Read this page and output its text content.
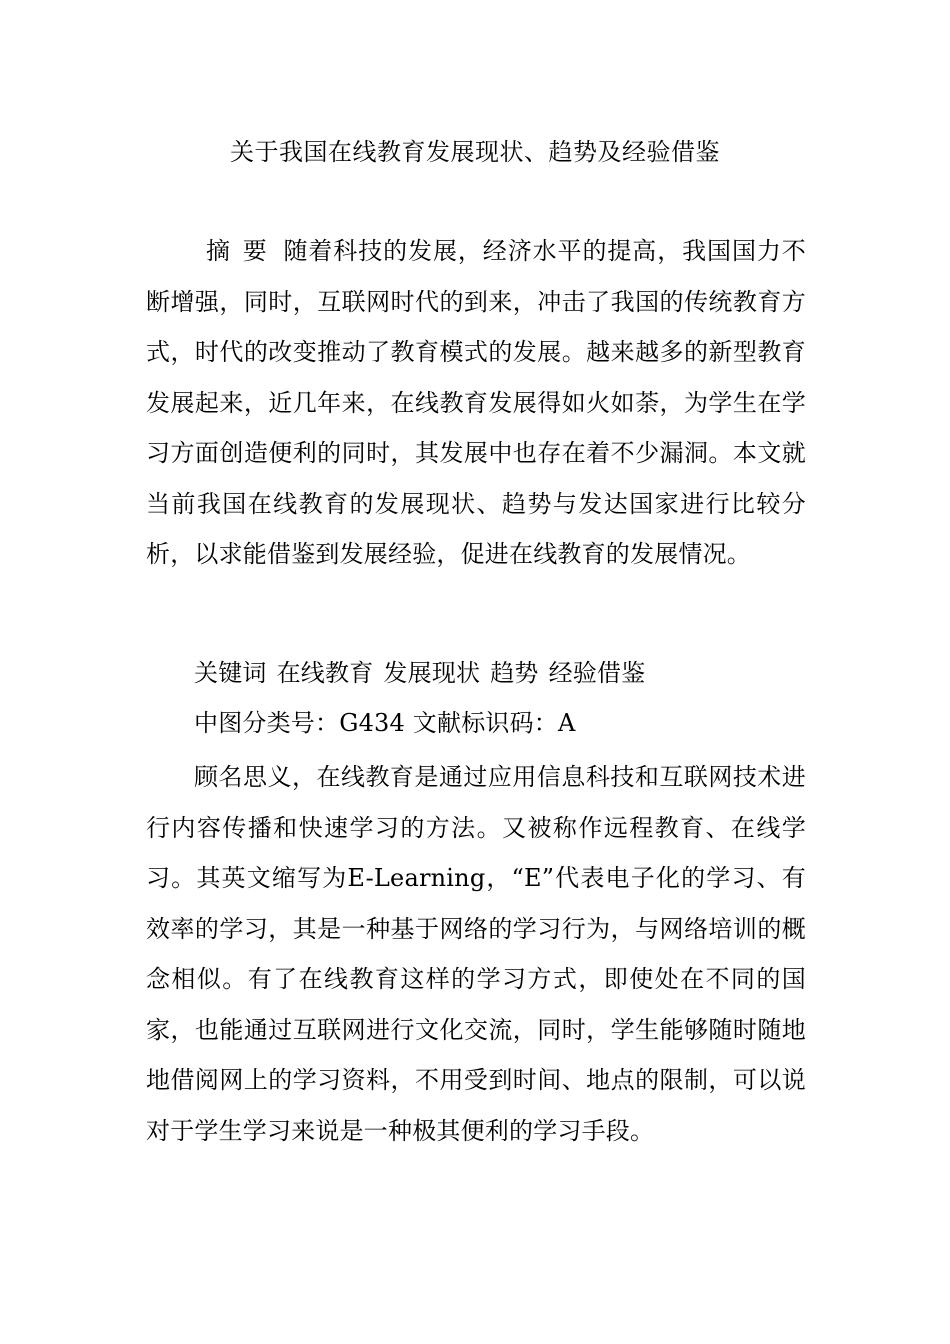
关于我国在线教育发展现状、趋势及经验借鉴

摘要 随着科技的发展，经济水平的提高，我国国力不断增强，同时，互联网时代的到来，冲击了我国的传统教育方式，时代的改变推动了教育模式的发展。越来越多的新型教育发展起来，近几年来，在线教育发展得如火如荼，为学生在学习方面创造便利的同时，其发展中也存在着不少漏洞。本文就当前我国在线教育的发展现状、趋势与发达国家进行比较分析，以求能借鉴到发展经验，促进在线教育的发展情况。

关键词 在线教育 发展现状 趋势 经验借鉴

中图分类号：G434 文献标识码：A

顾名思义，在线教育是通过应用信息科技和互联网技术进行内容传播和快速学习的方法。又被称作远程教育、在线学习。其英文缩写为E-Learning，“E”代表电子化的学习、有效率的学习，其是一种基于网络的学习行为，与网络培训的概念相似。有了在线教育这样的学习方式，即使处在不同的国家，也能通过互联网进行文化交流，同时，学生能够随时随地地借阅网上的学习资料，不用受到时间、地点的限制，可以说对于学生学习来说是一种极其便利的学习手段。
